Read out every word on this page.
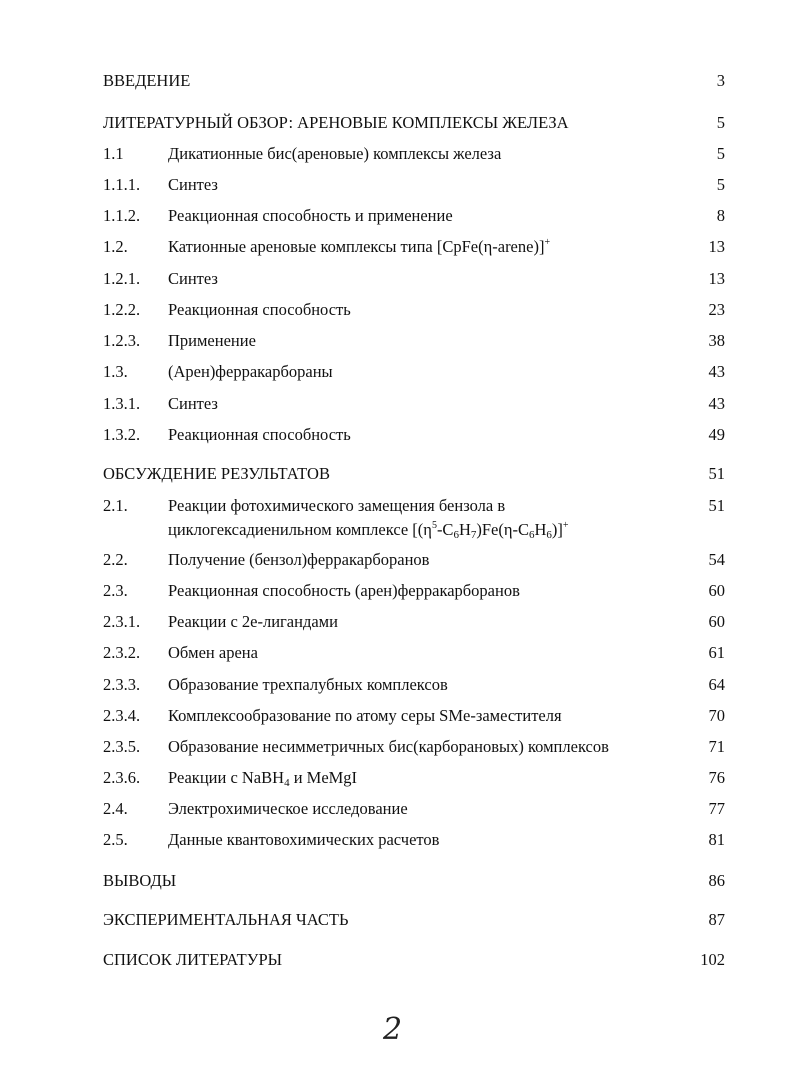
ВВЕДЕНИЕ	3
ЛИТЕРАТУРНЫЙ ОБЗОР: АРЕНОВЫЕ КОМПЛЕКСЫ ЖЕЛЕЗА	5
1.1	Дикатионные бис(ареновые) комплексы железа	5
1.1.1. Синтез	5
1.1.2. Реакционная способность и применение	8
1.2. Катионные ареновые комплексы типа [CpFe(η-arene)]+	13
1.2.1. Синтез	13
1.2.2. Реакционная способность	23
1.2.3. Применение	38
1.3. (Арен)ферракарбораны	43
1.3.1. Синтез	43
1.3.2. Реакционная способность	49
ОБСУЖДЕНИЕ РЕЗУЛЬТАТОВ	51
2.1. Реакции фотохимического замещения бензола в	51
циклогексадиенильном комплексе $[(\eta^5-C_6H_7)Fe(\eta-C_6H_6)]^+$
2.2. Получение (бензол)ферракарборанов	54
2.3. Реакционная способность (арен)ферракарборанов	60
2.3.1. Реакции с 2е-лигандами	60
2.3.2. Обмен арена	61
2.3.3. Образование трехпалубных комплексов	64
2.3.4. Комплексообразование по атому серы SMe-заместителя	70
2.3.5. Образование несимметричных бис(карборановых) комплексов	71
2.3.6. Реакции с NaBH$_4$ и MeMgI	76
2.4. Электрохимическое исследование	77
2.5. Данные квантовохимических расчетов	81
ВЫВОДЫ	86
ЭКСПЕРИМЕНТАЛЬНАЯ ЧАСТЬ	87
СПИСОК ЛИТЕРАТУРЫ	102
2
